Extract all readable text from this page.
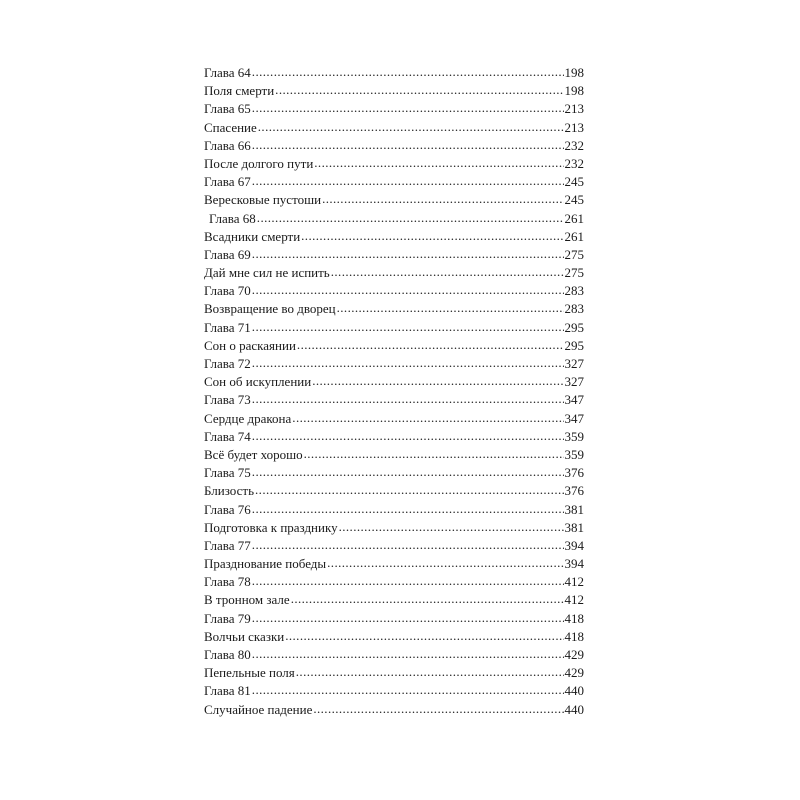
Глава 64 .....	198
Поля смерти .....	198
Глава 65 .....	213
Спасение .....	213
Глава 66 .....	232
После долгого пути .....	232
Глава 67 .....	245
Вересковые пустоши .....	245
Глава 68 .....	261
Всадники смерти .....	261
Глава 69 .....	275
Дай мне сил не испить .....	275
Глава 70 .....	283
Возвращение во дворец .....	283
Глава 71 .....	295
Сон о раскаянии .....	295
Глава 72 .....	327
Сон об искуплении .....	327
Глава 73 .....	347
Сердце дракона .....	347
Глава 74 .....	359
Всё будет хорошо .....	359
Глава 75 .....	376
Близость .....	376
Глава 76 .....	381
Подготовка к празднику .....	381
Глава 77 .....	394
Празднование победы .....	394
Глава 78 .....	412
В тронном зале .....	412
Глава 79 .....	418
Волчьи сказки .....	418
Глава 80 .....	429
Пепельные поля .....	429
Глава 81 .....	440
Случайное падение .....	440
